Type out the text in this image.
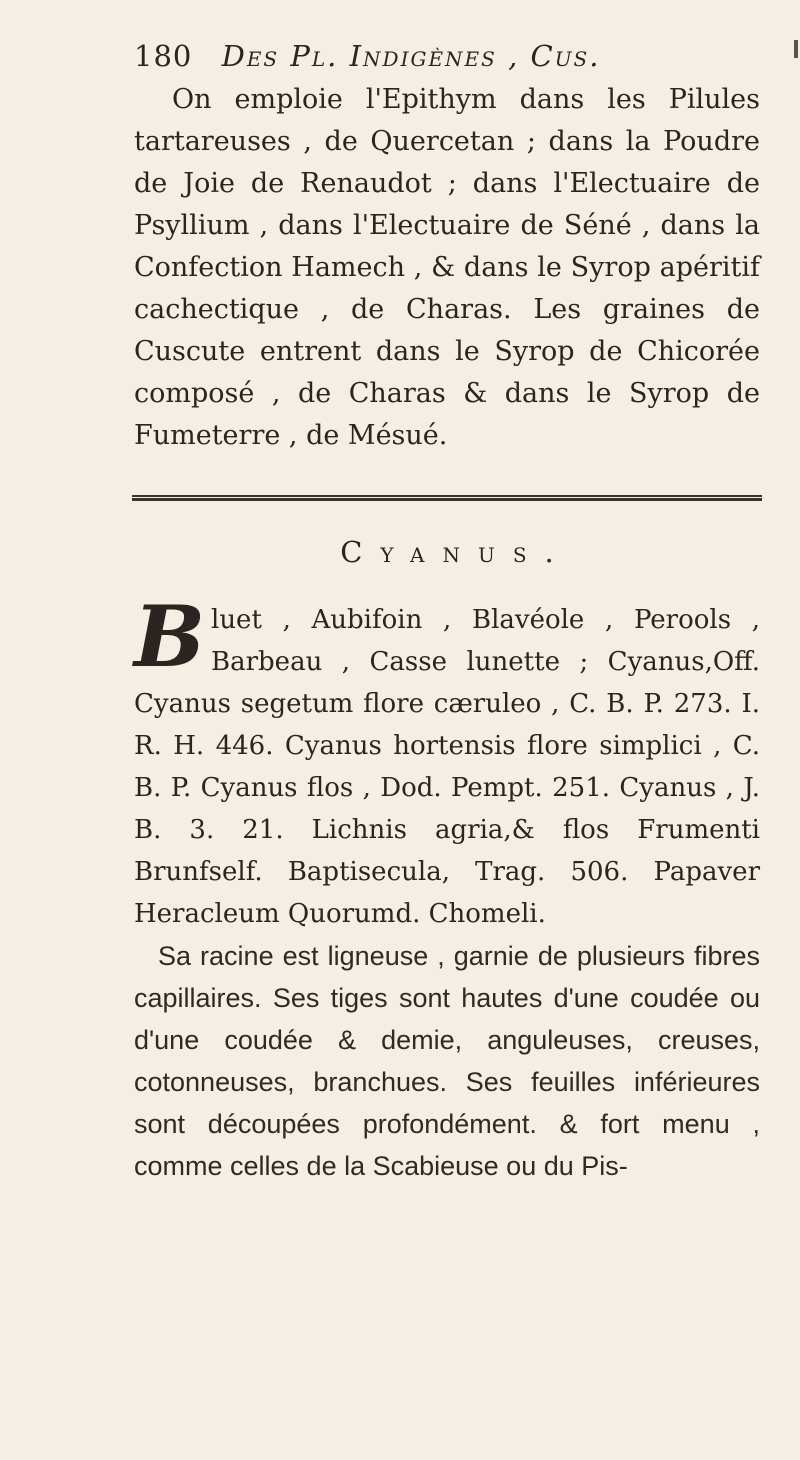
180 Des Pl. Indigènes , Cus.

On emploie l'Epithym dans les Pilules tartareuses , de Quercetan ; dans la Poudre de Joie de Renaudot ; dans l'Electuaire de Psyllium , dans l'Electuaire de Séné , dans la Confection Hamech , & dans le Syrop apéritif cachectique , de Charas. Les graines de Cuscute entrent dans le Syrop de Chicorée composé , de Charas & dans le Syrop de Fumeterre , de Mésué.

Cyanus.

B luet , Aubifoin , Blavéole , Perools , Barbeau , Casse lunette ; Cyanus,Off. Cyanus segetum flore cæruleo , C. B. P. 273. I. R. H. 446. Cyanus hortensis flore simplici , C. B. P. Cyanus flos , Dod. Pempt. 251. Cyanus , J. B. 3. 21. Lichnis agria,& flos Frumenti Brunfself. Baptisecula, Trag. 506. Papaver Heracleum Quorumd. Chomeli.

Sa racine est ligneuse , garnie de plusieurs fibres capillaires. Ses tiges sont hautes d'une coudée ou d'une coudée & demie, anguleuses, creuses, cotonneuses, branchues. Ses feuilles inférieures sont découpées profondément. & fort menu , comme celles de la Scabieuse ou du Pis-
